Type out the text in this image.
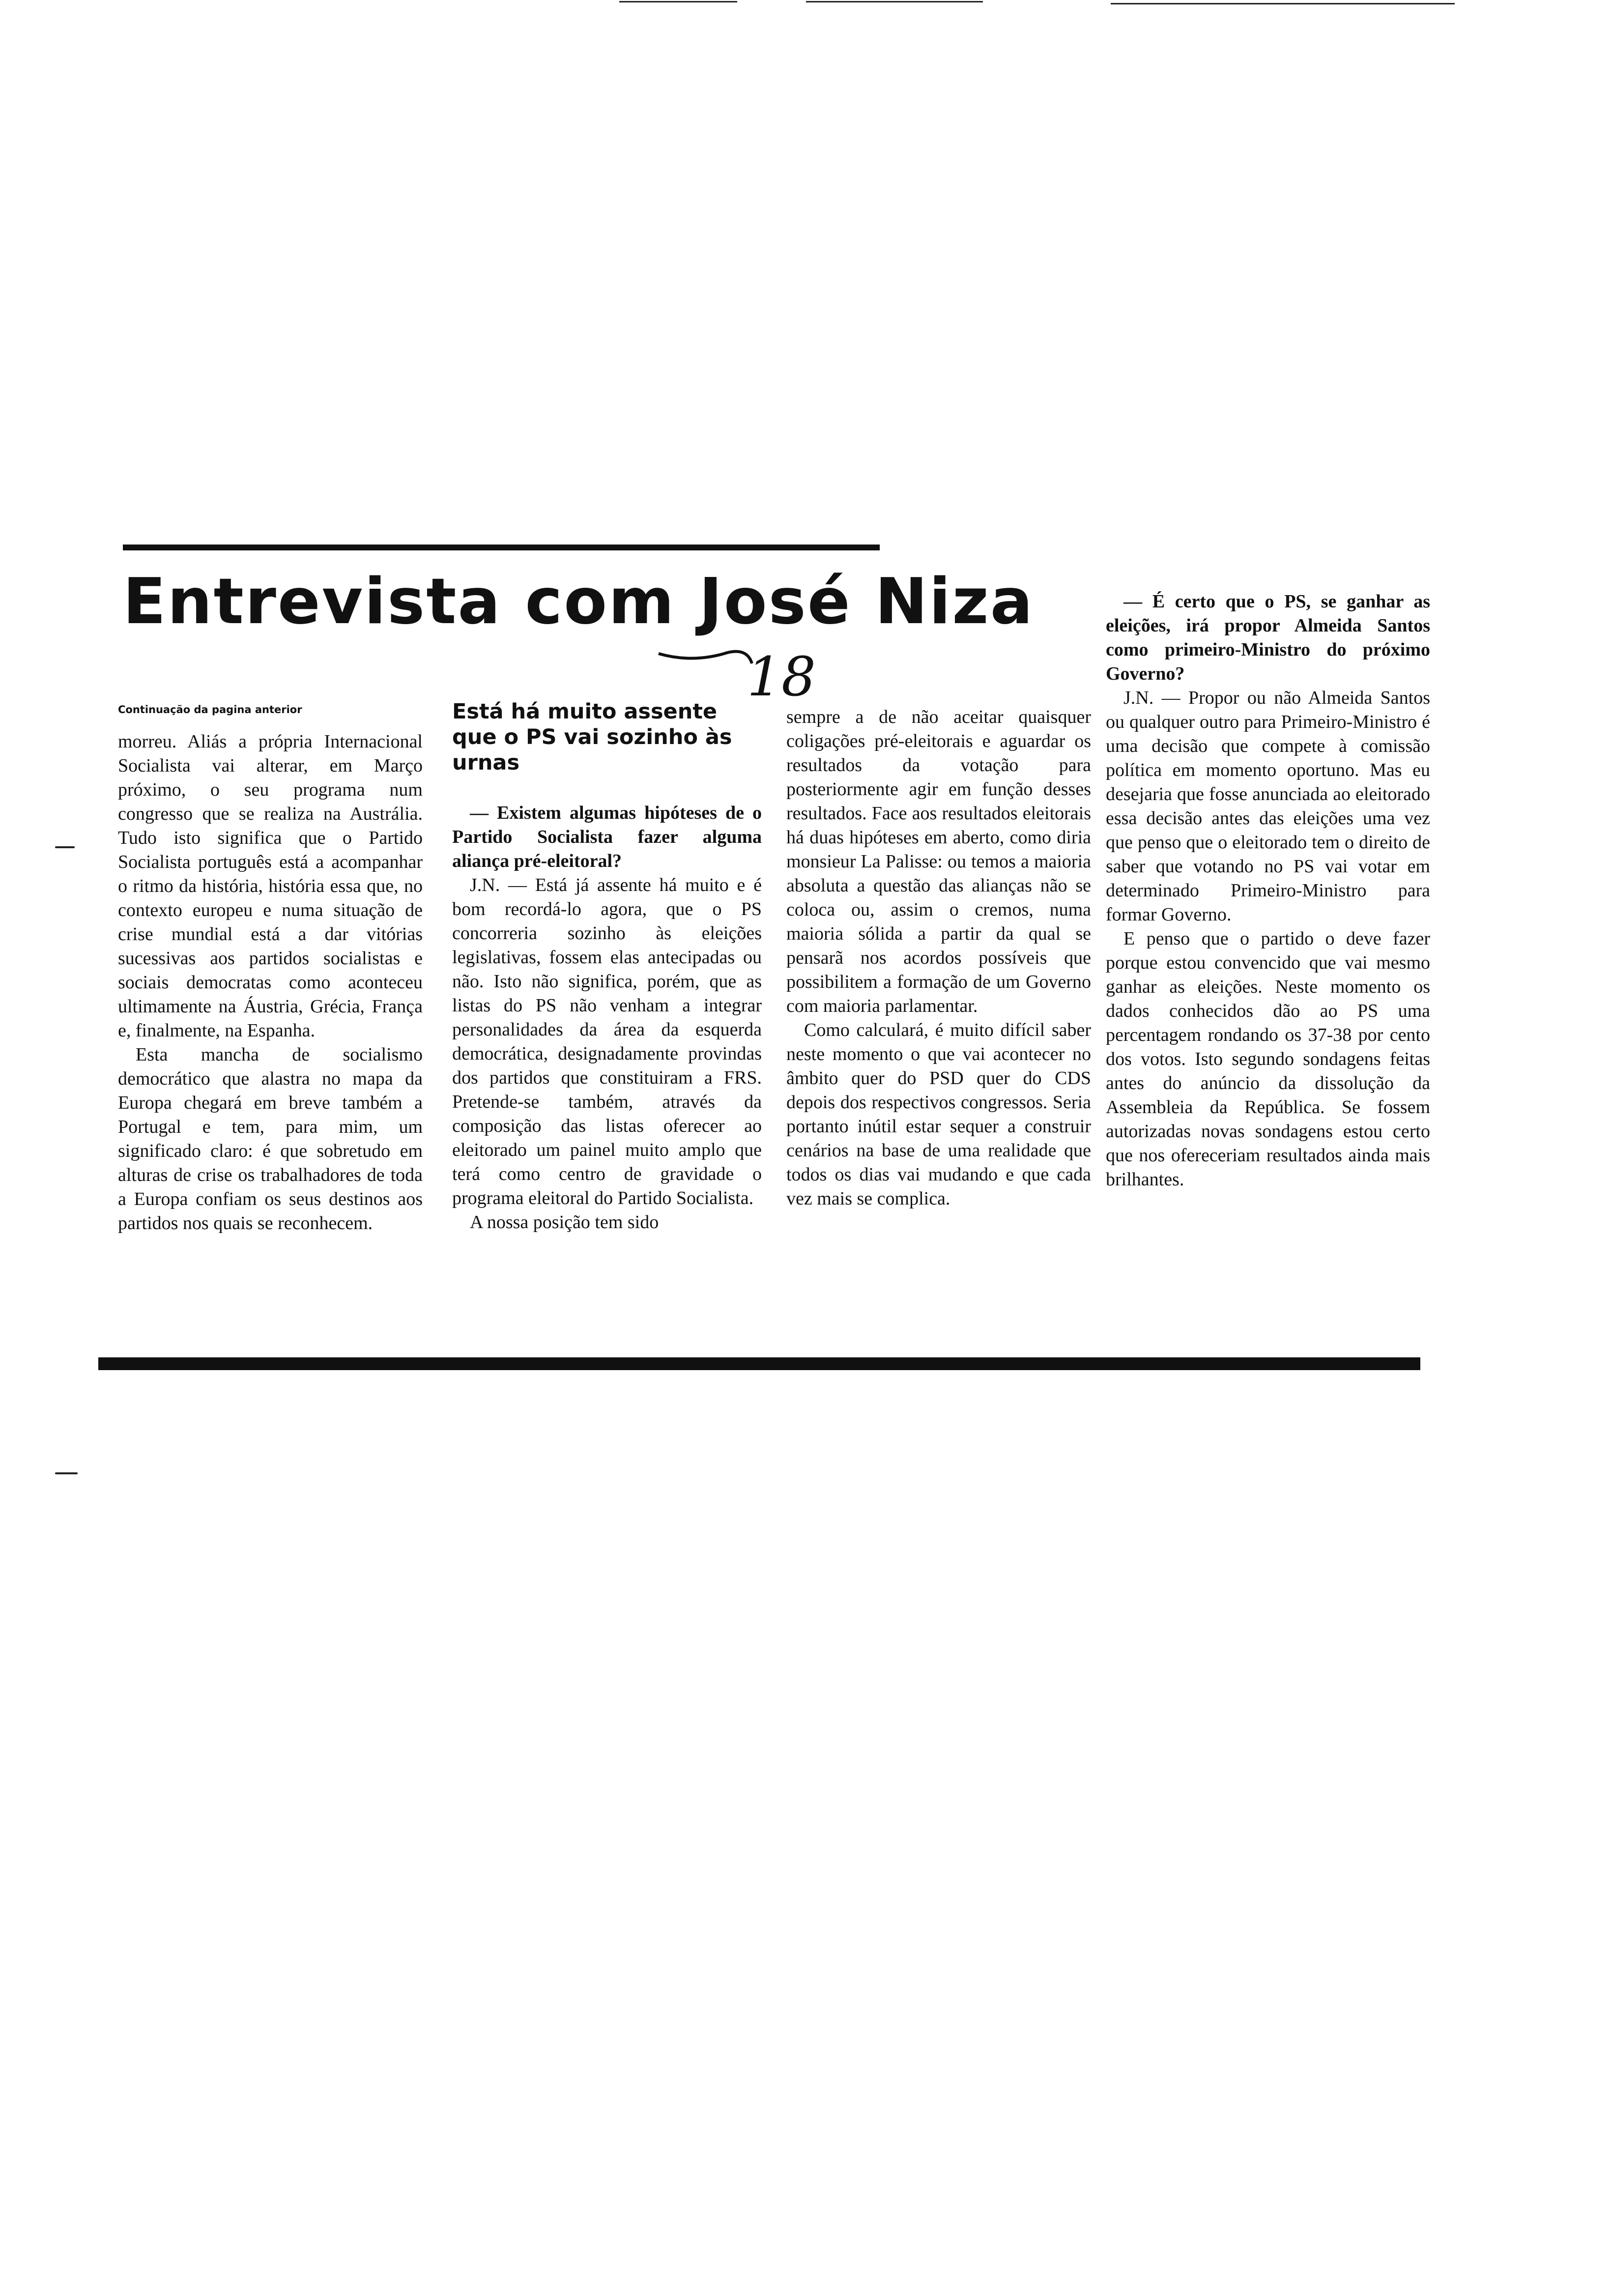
Entrevista com José Niza
18
Continuação da pagina anterior

morreu. Aliás a própria Internacional Socialista vai alterar, em Março próximo, o seu programa num congresso que se realiza na Austrália. Tudo isto significa que o Partido Socialista português está a acompanhar o ritmo da história, história essa que, no contexto europeu e numa situação de crise mundial está a dar vitórias sucessivas aos partidos socialistas e sociais democratas como aconteceu ultimamente na Áustria, Grécia, França e, finalmente, na Espanha.

Esta mancha de socialismo democrático que alastra no mapa da Europa chegará em breve também a Portugal e tem, para mim, um significado claro: é que sobretudo em alturas de crise os trabalhadores de toda a Europa confiam os seus destinos aos partidos nos quais se reconhecem.

Está há muito assente que o PS vai sozinho às urnas

— Existem algumas hipóteses de o Partido Socialista fazer alguma aliança pré-eleitoral?

J.N. — Está já assente há muito e é bom recordá-lo agora, que o PS concorreria sozinho às eleições legislativas, fossem elas antecipadas ou não. Isto não significa, porém, que as listas do PS não venham a integrar personalidades da área da esquerda democrática, designadamente provindas dos partidos que constituiram a FRS. Pretende-se também, através da composição das listas oferecer ao eleitorado um painel muito amplo que terá como centro de gravidade o programa eleitoral do Partido Socialista.

A nossa posição tem sido

sempre a de não aceitar quaisquer coligações pré-eleitorais e aguardar os resultados da votação para posteriormente agir em função desses resultados. Face aos resultados eleitorais há duas hipóteses em aberto, como diria monsieur La Palisse: ou temos a maioria absoluta a questão das alianças não se coloca ou, assim o cremos, numa maioria sólida a partir da qual se pensarã nos acordos possíveis que possibilitem a formação de um Governo com maioria parlamentar.

Como calculará, é muito difícil saber neste momento o que vai acontecer no âmbito quer do PSD quer do CDS depois dos respectivos congressos. Seria portanto inútil estar sequer a construir cenários na base de uma realidade que todos os dias vai mudando e que cada vez mais se complica.

— É certo que o PS, se ganhar as eleições, irá propor Almeida Santos como primeiro-Ministro do próximo Governo?

J.N. — Propor ou não Almeida Santos ou qualquer outro para Primeiro-Ministro é uma decisão que compete à comissão política em momento oportuno. Mas eu desejaria que fosse anunciada ao eleitorado essa decisão antes das eleições uma vez que penso que o eleitorado tem o direito de saber que votando no PS vai votar em determinado Primeiro-Ministro para formar Governo.

E penso que o partido o deve fazer porque estou convencido que vai mesmo ganhar as eleições. Neste momento os dados conhecidos dão ao PS uma percentagem rondando os 37-38 por cento dos votos. Isto segundo sondagens feitas antes do anúncio da dissolução da Assembleia da República. Se fossem autorizadas novas sondagens estou certo que nos ofereceriam resultados ainda mais brilhantes.
